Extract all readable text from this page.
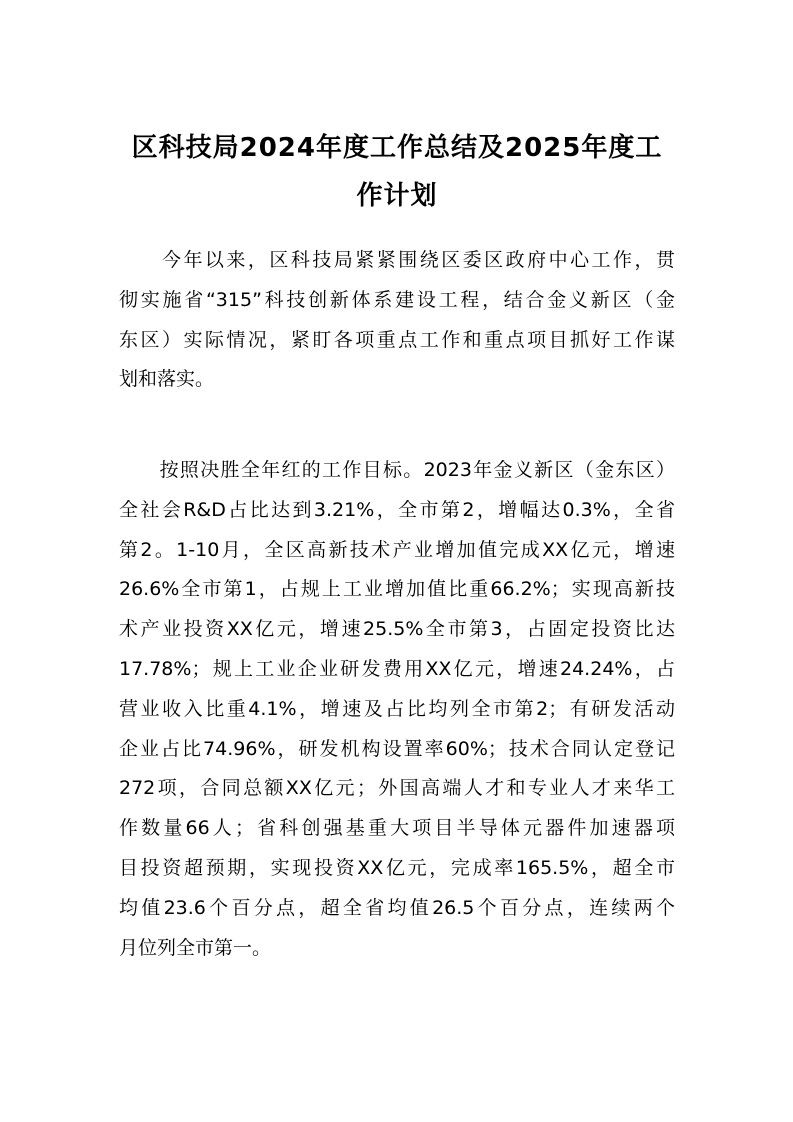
区科技局2024年度工作总结及2025年度工
作计划
　　今年以来，区科技局紧紧围绕区委区政府中心工作，贯
彻实施省“315”科技创新体系建设工程，结合金义新区（金
东区）实际情况，紧盯各项重点工作和重点项目抓好工作谋
划和落实。
　　按照决胜全年红的工作目标。2023年金义新区（金东区）
全社会R&D占比达到3.21%，全市第2，增幅达0.3%，全省
第2。1-10月，全区高新技术产业增加值完成XX亿元，增速
26.6%全市第1，占规上工业增加值比重66.2%；实现高新技
术产业投资XX亿元，增速25.5%全市第3，占固定投资比达
17.78%；规上工业企业研发费用XX亿元，增速24.24%，占
营业收入比重4.1%，增速及占比均列全市第2；有研发活动
企业占比74.96%，研发机构设置率60%；技术合同认定登记
272项，合同总额XX亿元；外国高端人才和专业人才来华工
作数量66人；省科创强基重大项目半导体元器件加速器项
目投资超预期，实现投资XX亿元，完成率165.5%，超全市
均值23.6个百分点，超全省均值26.5个百分点，连续两个
月位列全市第一。
